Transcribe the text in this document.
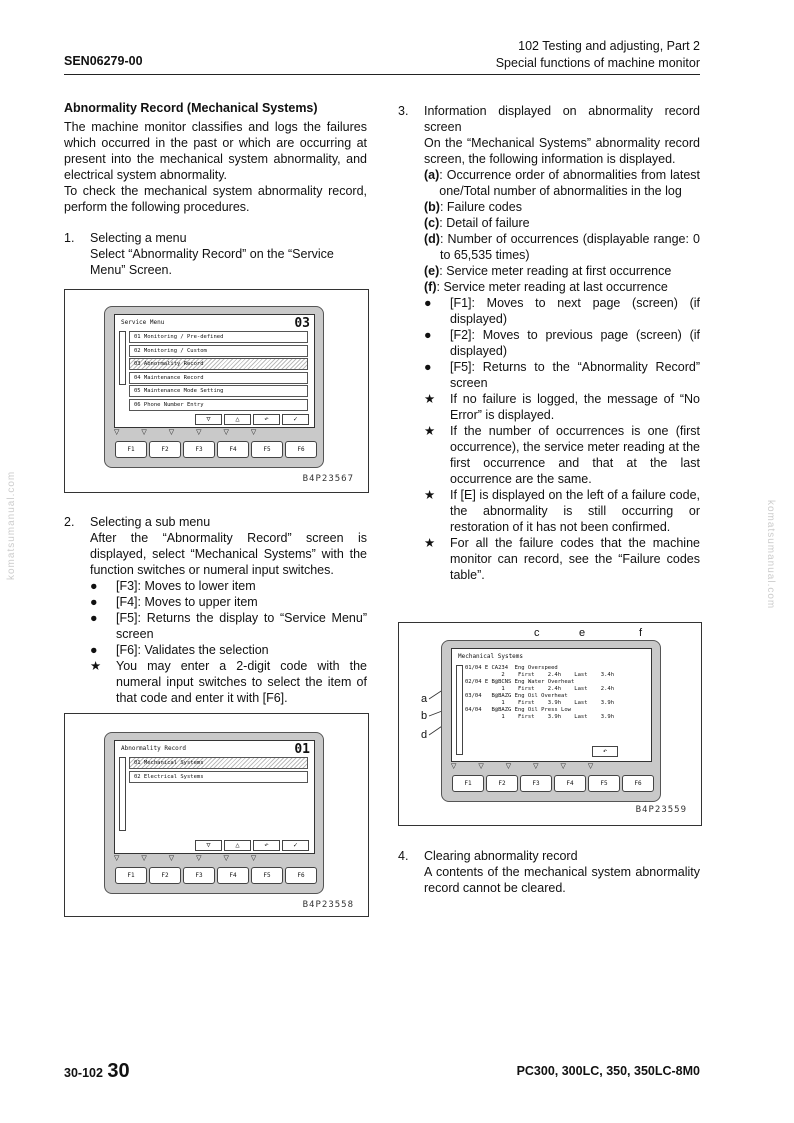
SEN06279-00
102 Testing and adjusting, Part 2
Special functions of machine monitor

Abnormality Record (Mechanical Systems)

The machine monitor classifies and logs the failures which occurred in the past or which are occurring at present into the mechanical system abnormality, and electrical system abnormality.

To check the mechanical system abnormality record, perform the following procedures.

1.	Selecting a menu
Select “Abnormality Record” on the “Service Menu” Screen.
Service Menu	03
01 Monitoring / Pre-defined
02 Monitoring / Custom
03 Abnormality Record
04 Maintenance Record
05 Maintenance Mode Setting
06 Phone Number Entry
▽	△	↶	✓
▽▽▽▽▽▽
F1	F2	F3	F4	F5	F6
B4P23567
2.	Selecting a sub menu
After the “Abnormality Record” screen is displayed, select “Mechanical Systems” with the function switches or numeral input switches.
●	[F3]: Moves to lower item
●	[F4]: Moves to upper item
●	[F5]: Returns the display to “Service Menu” screen
●	[F6]: Validates the selection
★	You may enter a 2-digit code with the numeral input switches to select the item of that code and enter it with [F6].
Abnormality Record	01
01 Mechanical Systems
02 Electrical Systems
▽	△	↶	✓
▽▽▽▽▽▽
F1	F2	F3	F4	F5	F6
B4P23558
3.	Information displayed on abnormality record screen
On the “Mechanical Systems” abnormality record screen, the following information is displayed.
(a) : Occurrence order of abnormalities from latest one/Total number of abnormalities in the log
(b) : Failure codes
(c) : Detail of failure
(d) : Number of occurrences (displayable range: 0 to 65,535 times)
(e) : Service meter reading at first occurrence
(f) : Service meter reading at last occurrence
●	[F1]: Moves to next page (screen) (if displayed)
●	[F2]: Moves to previous page (screen) (if displayed)
●	[F5]: Returns to the “Abnormality Record” screen
★	If no failure is logged, the message of “No Error” is displayed.
★	If the number of occurrences is one (first occurrence), the service meter reading at the first occurrence and that at the last occurrence are the same.
★	If [E] is displayed on the left of a failure code, the abnormality is still occurring or restoration of it has not been confirmed.
★	For all the failure codes that the machine monitor can record, see the “Failure codes table”.
c	e	f
a
b
d
Mechanical Systems
01/04 E CA234  Eng Overspeed
2    First    2.4h    Last    3.4h
02/04 E B@BCNS Eng Water Overheat
1    First    2.4h    Last    2.4h
03/04   B@BAZG Eng Oil Overheat
1    First    3.9h    Last    3.9h
04/04   B@BAZG Eng Oil Press Low
1    First    3.9h    Last    3.9h
↶
▽▽▽▽▽▽
F1	F2	F3	F4	F5	F6
B4P23559
4.	Clearing abnormality record
A contents of the mechanical system abnormality record cannot be cleared.
komatsumanual.com	komatsumanual.com
30-102 30	PC300, 300LC, 350, 350LC-8M0
